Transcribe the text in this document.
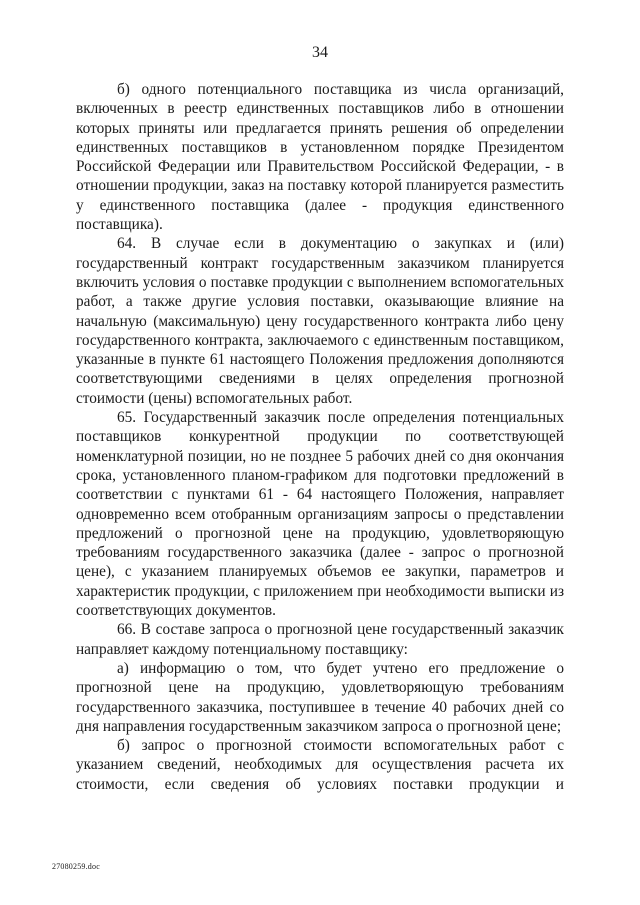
34

б) одного потенциального поставщика из числа организаций,
включенных в реестр единственных поставщиков либо в отношении
которых приняты или предлагается принять решения об определении
единственных поставщиков в установленном порядке Президентом
Российской Федерации или Правительством Российской Федерации, - в
отношении продукции, заказ на поставку которой планируется разместить
у единственного поставщика (далее - продукция единственного
поставщика).

64. В случае если в документацию о закупках и (или)
государственный контракт государственным заказчиком планируется
включить условия о поставке продукции с выполнением вспомогательных
работ, а также другие условия поставки, оказывающие влияние на
начальную (максимальную) цену государственного контракта либо цену
государственного контракта, заключаемого с единственным поставщиком,
указанные в пункте 61 настоящего Положения предложения дополняются
соответствующими сведениями в целях определения прогнозной
стоимости (цены) вспомогательных работ.

65. Государственный заказчик после определения потенциальных
поставщиков конкурентной продукции по соответствующей
номенклатурной позиции, но не позднее 5 рабочих дней со дня окончания
срока, установленного планом-графиком для подготовки предложений в
соответствии с пунктами 61 - 64 настоящего Положения, направляет
одновременно всем отобранным организациям запросы о представлении
предложений о прогнозной цене на продукцию, удовлетворяющую
требованиям государственного заказчика (далее - запрос о прогнозной
цене), с указанием планируемых объемов ее закупки, параметров и
характеристик продукции, с приложением при необходимости выписки из
соответствующих документов.

66. В составе запроса о прогнозной цене государственный заказчик
направляет каждому потенциальному поставщику:

а) информацию о том, что будет учтено его предложение о
прогнозной цене на продукцию, удовлетворяющую требованиям
государственного заказчика, поступившее в течение 40 рабочих дней со
дня направления государственным заказчиком запроса о прогнозной цене;

б) запрос о прогнозной стоимости вспомогательных работ с
указанием сведений, необходимых для осуществления расчета их
стоимости, если сведения об условиях поставки продукции и

27080259.doc
